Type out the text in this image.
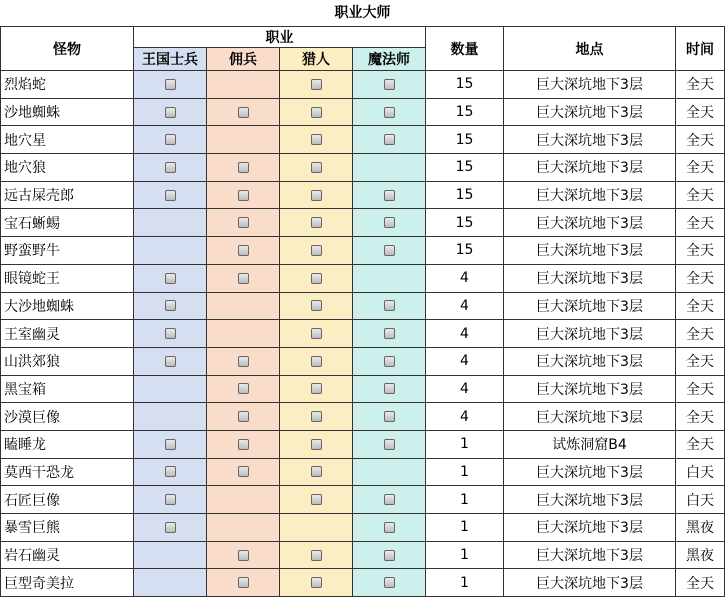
职业大师
怪物	职业				数量	地点	时间
	王国士兵	佣兵	猎人	魔法师			
烈焰蛇					15	巨大深坑地下3层	全天
沙地蜘蛛					15	巨大深坑地下3层	全天
地穴星					15	巨大深坑地下3层	全天
地穴狼					15	巨大深坑地下3层	全天
远古屎壳郎					15	巨大深坑地下3层	全天
宝石蜥蜴					15	巨大深坑地下3层	全天
野蛮野牛					15	巨大深坑地下3层	全天
眼镜蛇王					4	巨大深坑地下3层	全天
大沙地蜘蛛					4	巨大深坑地下3层	全天
王室幽灵					4	巨大深坑地下3层	全天
山洪郊狼					4	巨大深坑地下3层	全天
黑宝箱					4	巨大深坑地下3层	全天
沙漠巨像					4	巨大深坑地下3层	全天
瞌睡龙					1	试炼洞窟B4	全天
莫西干恐龙					1	巨大深坑地下3层	白天
石匠巨像					1	巨大深坑地下3层	白天
暴雪巨熊					1	巨大深坑地下3层	黑夜
岩石幽灵					1	巨大深坑地下3层	黑夜
巨型奇美拉					1	巨大深坑地下3层	全天
